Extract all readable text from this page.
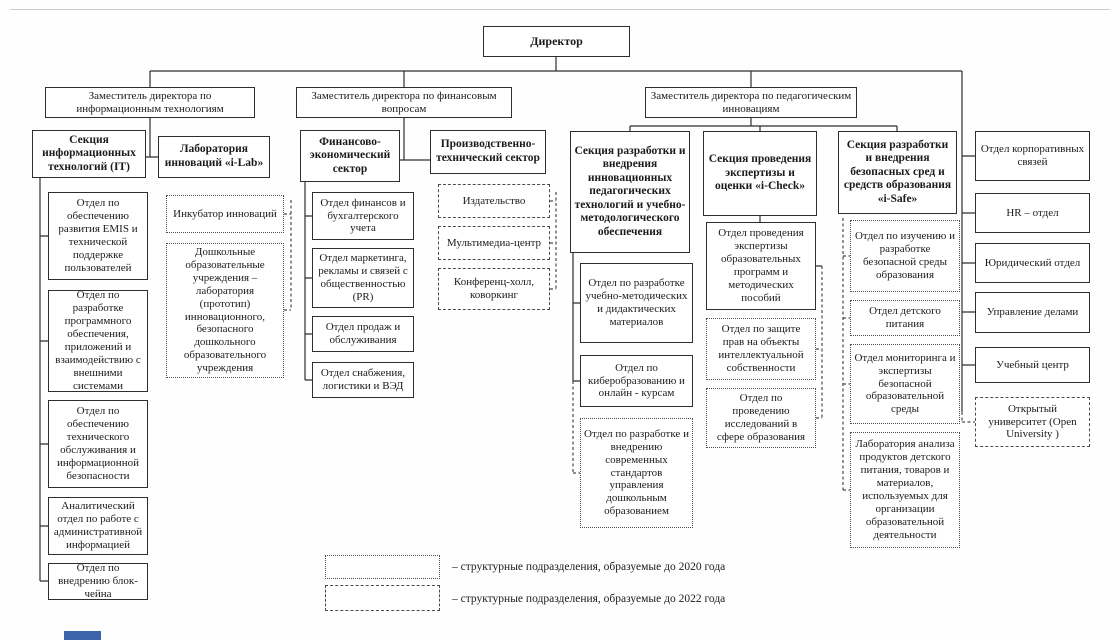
Директор
Заместитель директора по информационным технологиям
Заместитель директора по финансовым вопросам
Заместитель директора по педагогическим инновациям
Секция информационных технологий (IT)
Отдел по обеспечению развития EMIS и технической поддержке пользователей
Отдел по разработке программного обеспечения, приложений и взаимодействию с внешними системами
Отдел по обеспечению технического обслуживания и информационной безопасности
Аналитический отдел по работе с административной информацией
Отдел по внедрению блок-чейна
Лаборатория инноваций «i-Lab»
Инкубатор инноваций
Дошкольные образовательные учреждения – лаборатория (прототип) инновационного, безопасного дошкольного образовательного учреждения
Финансово-экономический сектор
Отдел финансов и бухгалтерского учета
Отдел маркетинга, рекламы и связей с общественностью (PR)
Отдел продаж и обслуживания
Отдел снабжения, логистики и ВЭД
Производственно-технический сектор
Издательство
Мультимедиа-центр
Конференц-холл, коворкинг
Секция разработки и внедрения инновационных педагогических технологий и учебно-методологического обеспечения
Отдел по разработке учебно-методических и дидактических материалов
Отдел по киберобразованию и онлайн - курсам
Отдел по разработке и внедрению современных стандартов управления дошкольным образованием
Секция проведения экспертизы и оценки «i-Check»
Отдел проведения экспертизы образовательных программ и методических пособий
Отдел по защите прав на объекты интеллектуальной собственности
Отдел по проведению исследований в сфере образования
Секция разработки и внедрения безопасных сред и средств образования «i-Safe»
Отдел по изучению и разработке безопасной среды образования
Отдел детского питания
Отдел мониторинга и экспертизы безопасной образовательной среды
Лаборатория анализа продуктов детского питания, товаров и материалов, используемых для организации образовательной деятельности
Отдел корпоративных связей
HR – отдел
Юридический отдел
Управление делами
Учебный центр
Открытый университет (Open University )
– структурные подразделения, образуемые до 2020 года
– структурные подразделения, образуемые до 2022 года
